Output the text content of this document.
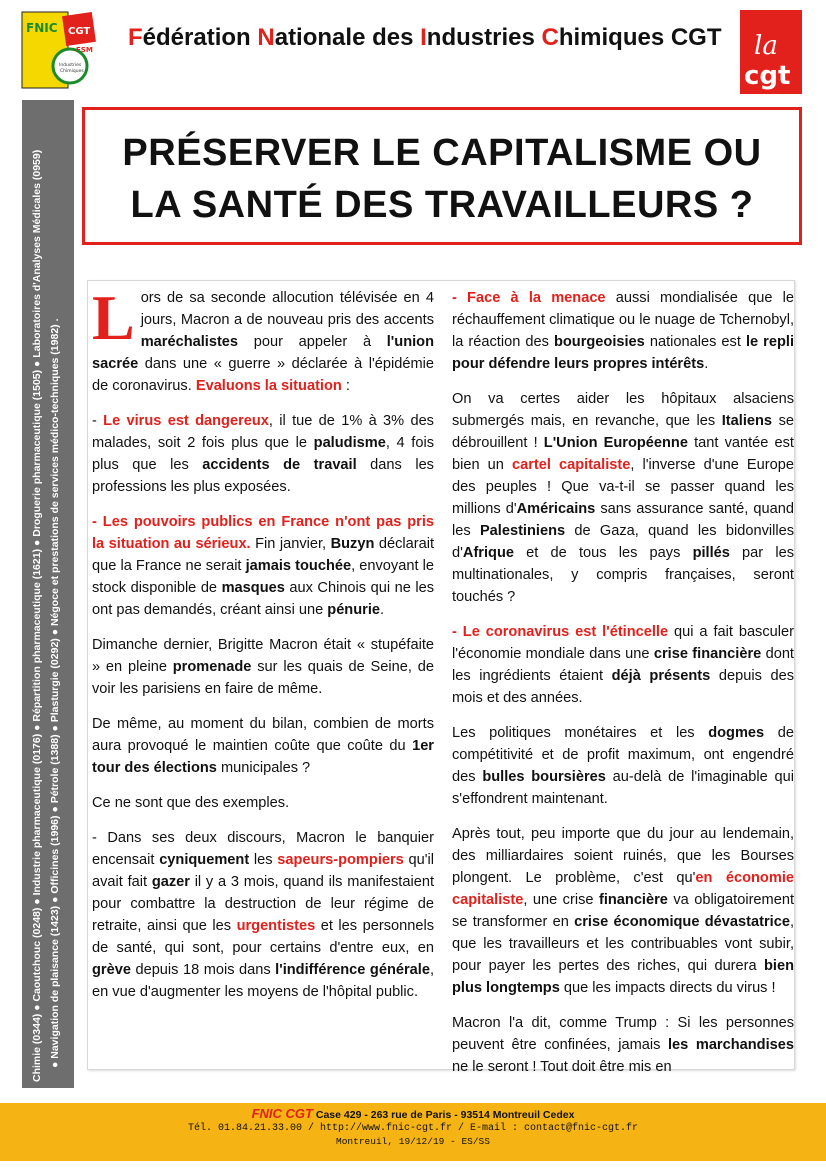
FNIC CGT
FSM
Industries
Chimiques
Fédération Nationale des Industries Chimiques CGT la
cgt
Chimie (0344) ● Caoutchouc (0248) ● Industrie pharmaceutique (0176) ● Répartition pharmaceutique (1621) ● Droguerie pharmaceutique (1505) ● Laboratoires d'Analyses Médicales (0959) ● Navigation de plaisance (1423) ● Officines (1996) ● Pétrole (1388) ● Plasturgie (0292) ● Négoce et prestations de services médico-techniques (1982) .
PRÉSERVER LE CAPITALISME OU
LA SANTÉ DES TRAVAILLEURS ?

Lors de sa seconde allocution télévisée en 4 jours, Macron a de nouveau pris des accents maréchalistes pour appeler à l'union sacrée dans une « guerre » déclarée à l'épidémie de coronavirus. Evaluons la situation :

- Le virus est dangereux, il tue de 1% à 3% des malades, soit 2 fois plus que le paludisme, 4 fois plus que les accidents de travail dans les professions les plus exposées.

- Les pouvoirs publics en France n'ont pas pris la situation au sérieux. Fin janvier, Buzyn déclarait que la France ne serait jamais touchée, envoyant le stock disponible de masques aux Chinois qui ne les ont pas demandés, créant ainsi une pénurie.

Dimanche dernier, Brigitte Macron était « stupéfaite » en pleine promenade sur les quais de Seine, de voir les parisiens en faire de même.

De même, au moment du bilan, combien de morts aura provoqué le maintien coûte que coûte du 1er tour des élections municipales ?

Ce ne sont que des exemples.

- Dans ses deux discours, Macron le banquier encensait cyniquement les sapeurs-pompiers qu'il avait fait gazer il y a 3 mois, quand ils manifestaient pour combattre la destruction de leur régime de retraite, ainsi que les urgentistes et les personnels de santé, qui sont, pour certains d'entre eux, en grève depuis 18 mois dans l'indifférence générale, en vue d'augmenter les moyens de l'hôpital public.

- Face à la menace aussi mondialisée que le réchauffement climatique ou le nuage de Tchernobyl, la réaction des bourgeoisies nationales est le repli pour défendre leurs propres intérêts.

On va certes aider les hôpitaux alsaciens submergés mais, en revanche, que les Italiens se débrouillent ! L'Union Européenne tant vantée est bien un cartel capitaliste, l'inverse d'une Europe des peuples ! Que va-t-il se passer quand les millions d'Américains sans assurance santé, quand les Palestiniens de Gaza, quand les bidonvilles d'Afrique et de tous les pays pillés par les multinationales, y compris françaises, seront touchés ?

- Le coronavirus est l'étincelle qui a fait basculer l'économie mondiale dans une crise financière dont les ingrédients étaient déjà présents depuis des mois et des années.

Les politiques monétaires et les dogmes de compétitivité et de profit maximum, ont engendré des bulles boursières au-delà de l'imaginable qui s'effondrent maintenant.

Après tout, peu importe que du jour au lendemain, des milliardaires soient ruinés, que les Bourses plongent. Le problème, c'est qu'en économie capitaliste, une crise financière va obligatoirement se transformer en crise économique dévastatrice, que les travailleurs et les contribuables vont subir, pour payer les pertes des riches, qui durera bien plus longtemps que les impacts directs du virus !

Macron l'a dit, comme Trump : Si les personnes peuvent être confinées, jamais les marchandises ne le seront ! Tout doit être mis en

FNIC CGT Case 429 - 263 rue de Paris - 93514 Montreuil Cedex
Tél. 01.84.21.33.00 / http://www.fnic-cgt.fr / E-mail : contact@fnic-cgt.fr
Montreuil, 19/12/19 - ES/SS
